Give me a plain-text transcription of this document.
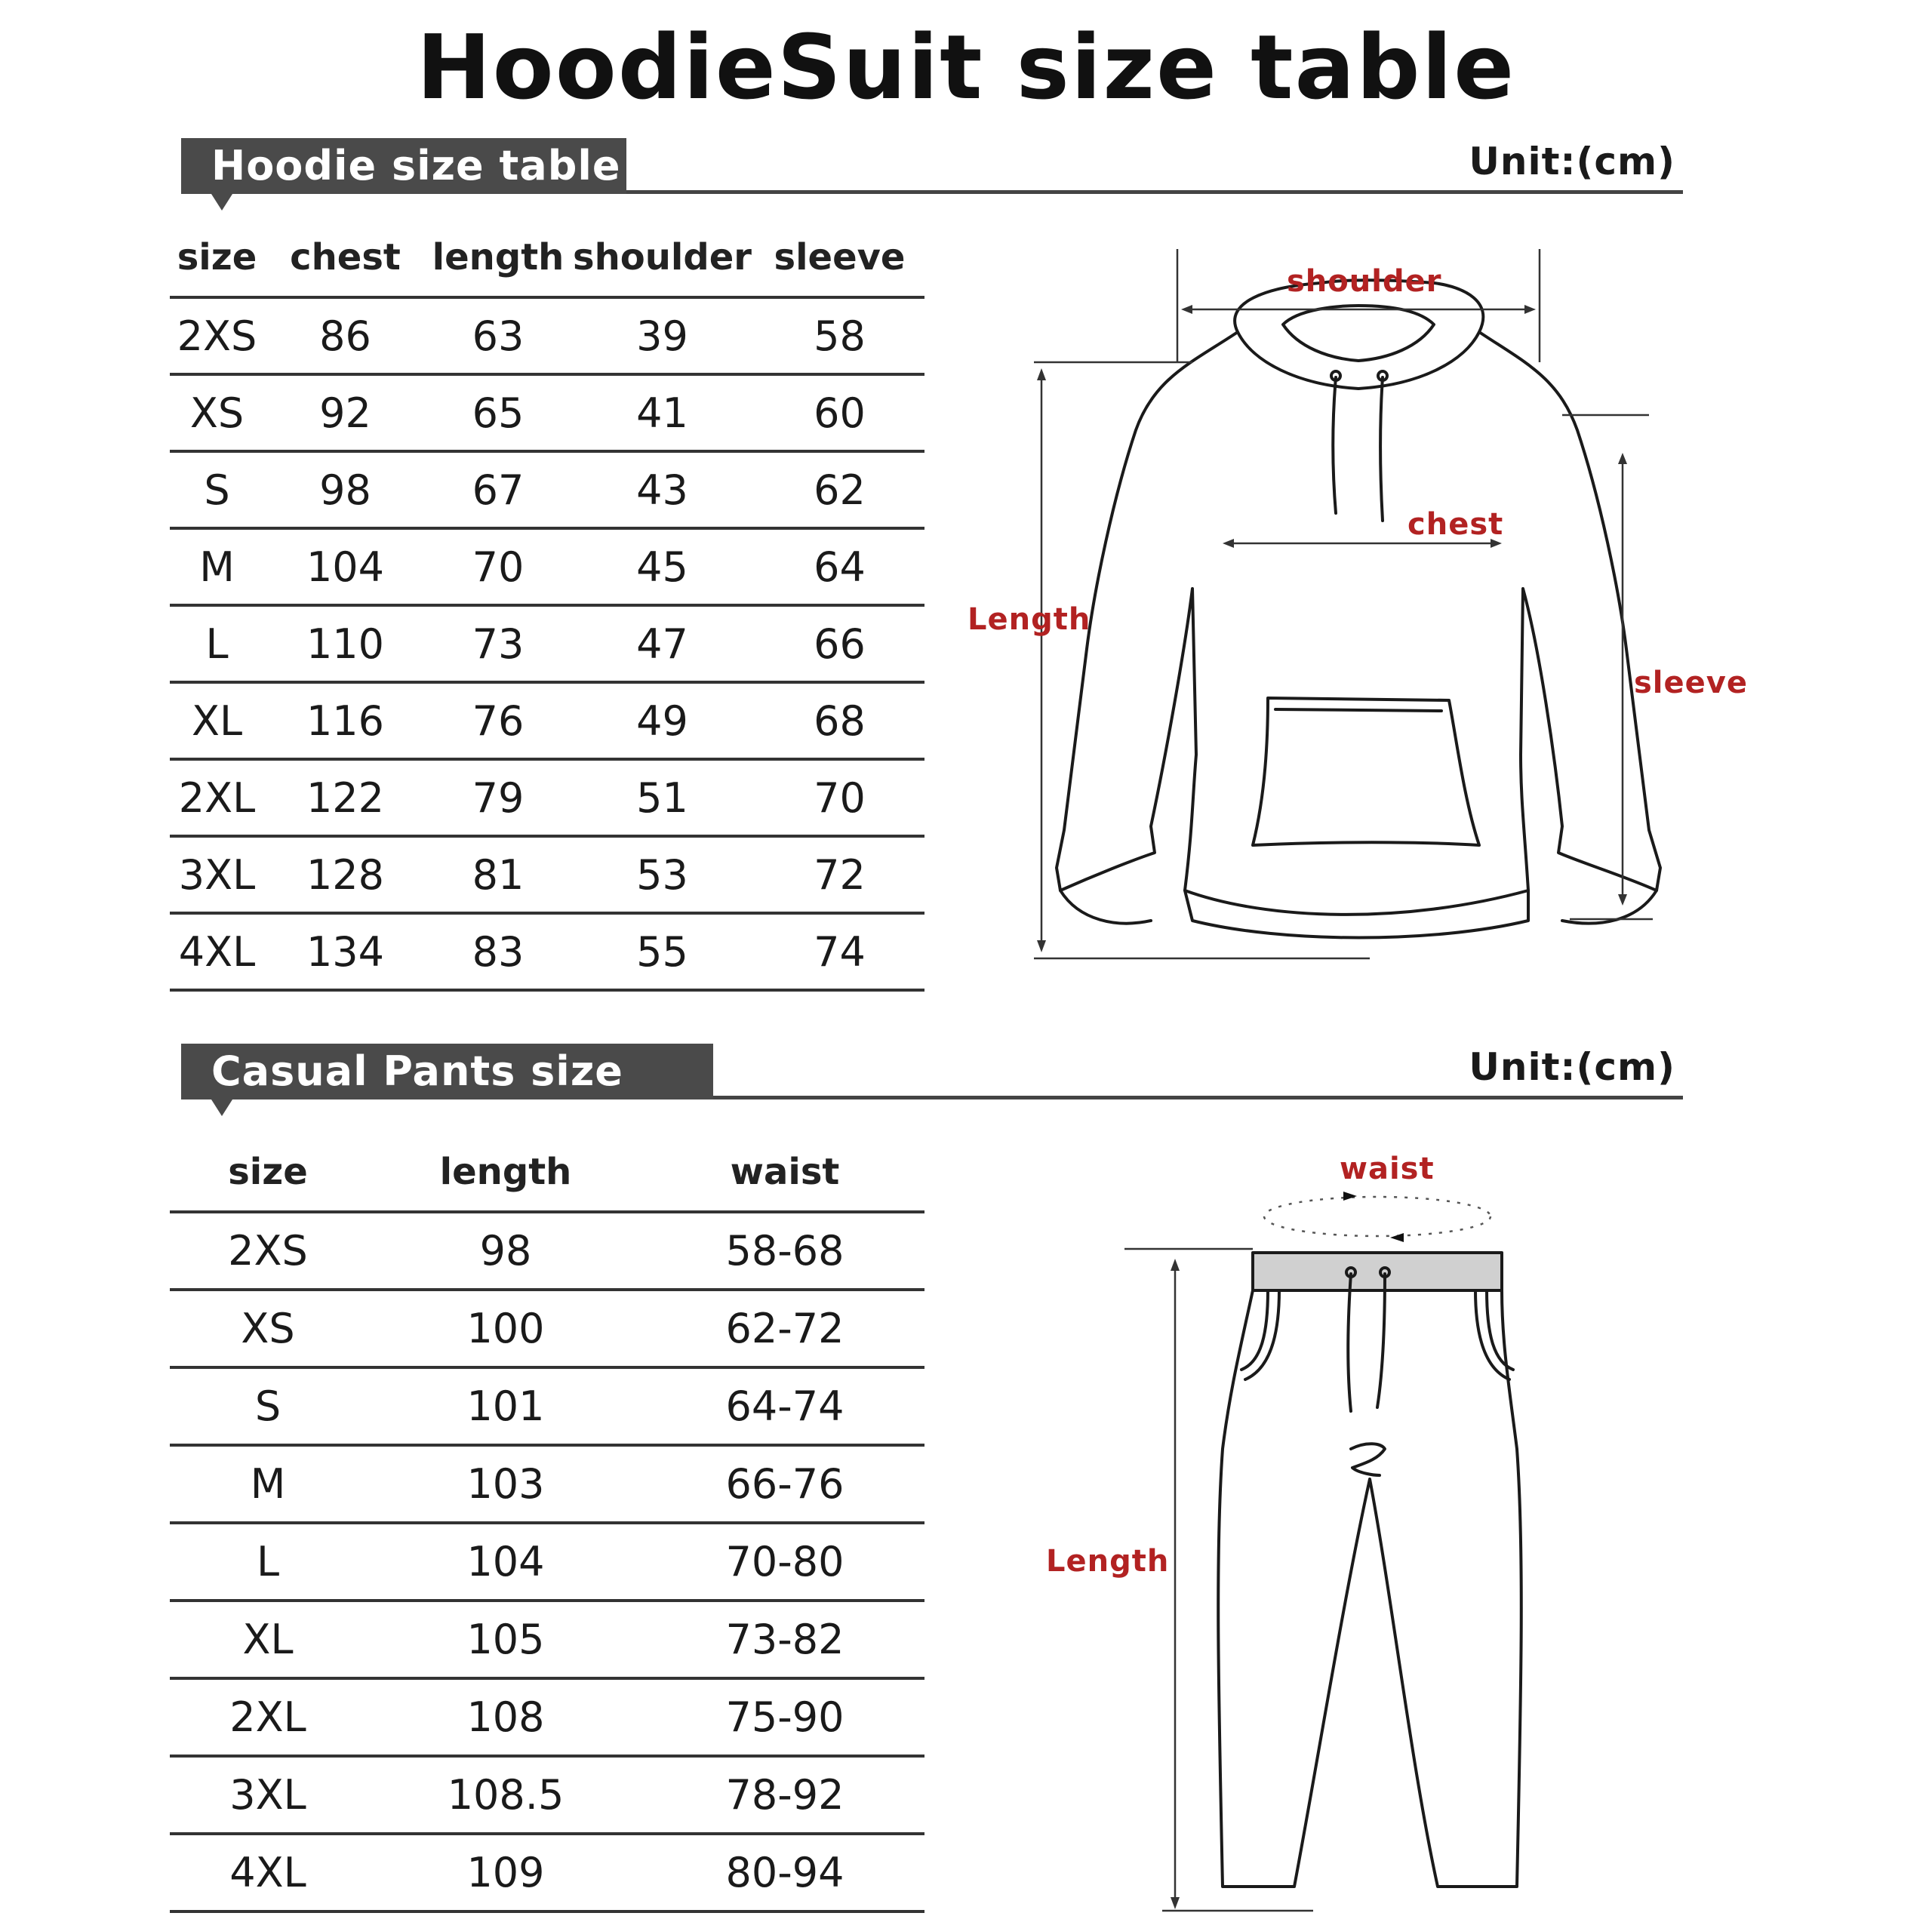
HoodieSuit size table
Hoodie size table	Unit:(cm)
size	chest	length	shoulder	sleeve
2XS	86	63	39	58
XS	92	65	41	60
S	98	67	43	62
M	104	70	45	64
L	110	73	47	66
XL	116	76	49	68
2XL	122	79	51	70
3XL	128	81	53	72
4XL	134	83	55	74
shoulder
chest
Length
sleeve
Casual Pants size table
Unit:(cm)
size	length	waist
2XS	98	58-68
XS	100	62-72
S	101	64-74
M	103	66-76
L	104	70-80
XL	105	73-82
2XL	108	75-90
3XL	108.5	78-92
4XL	109	80-94
waist
Length
